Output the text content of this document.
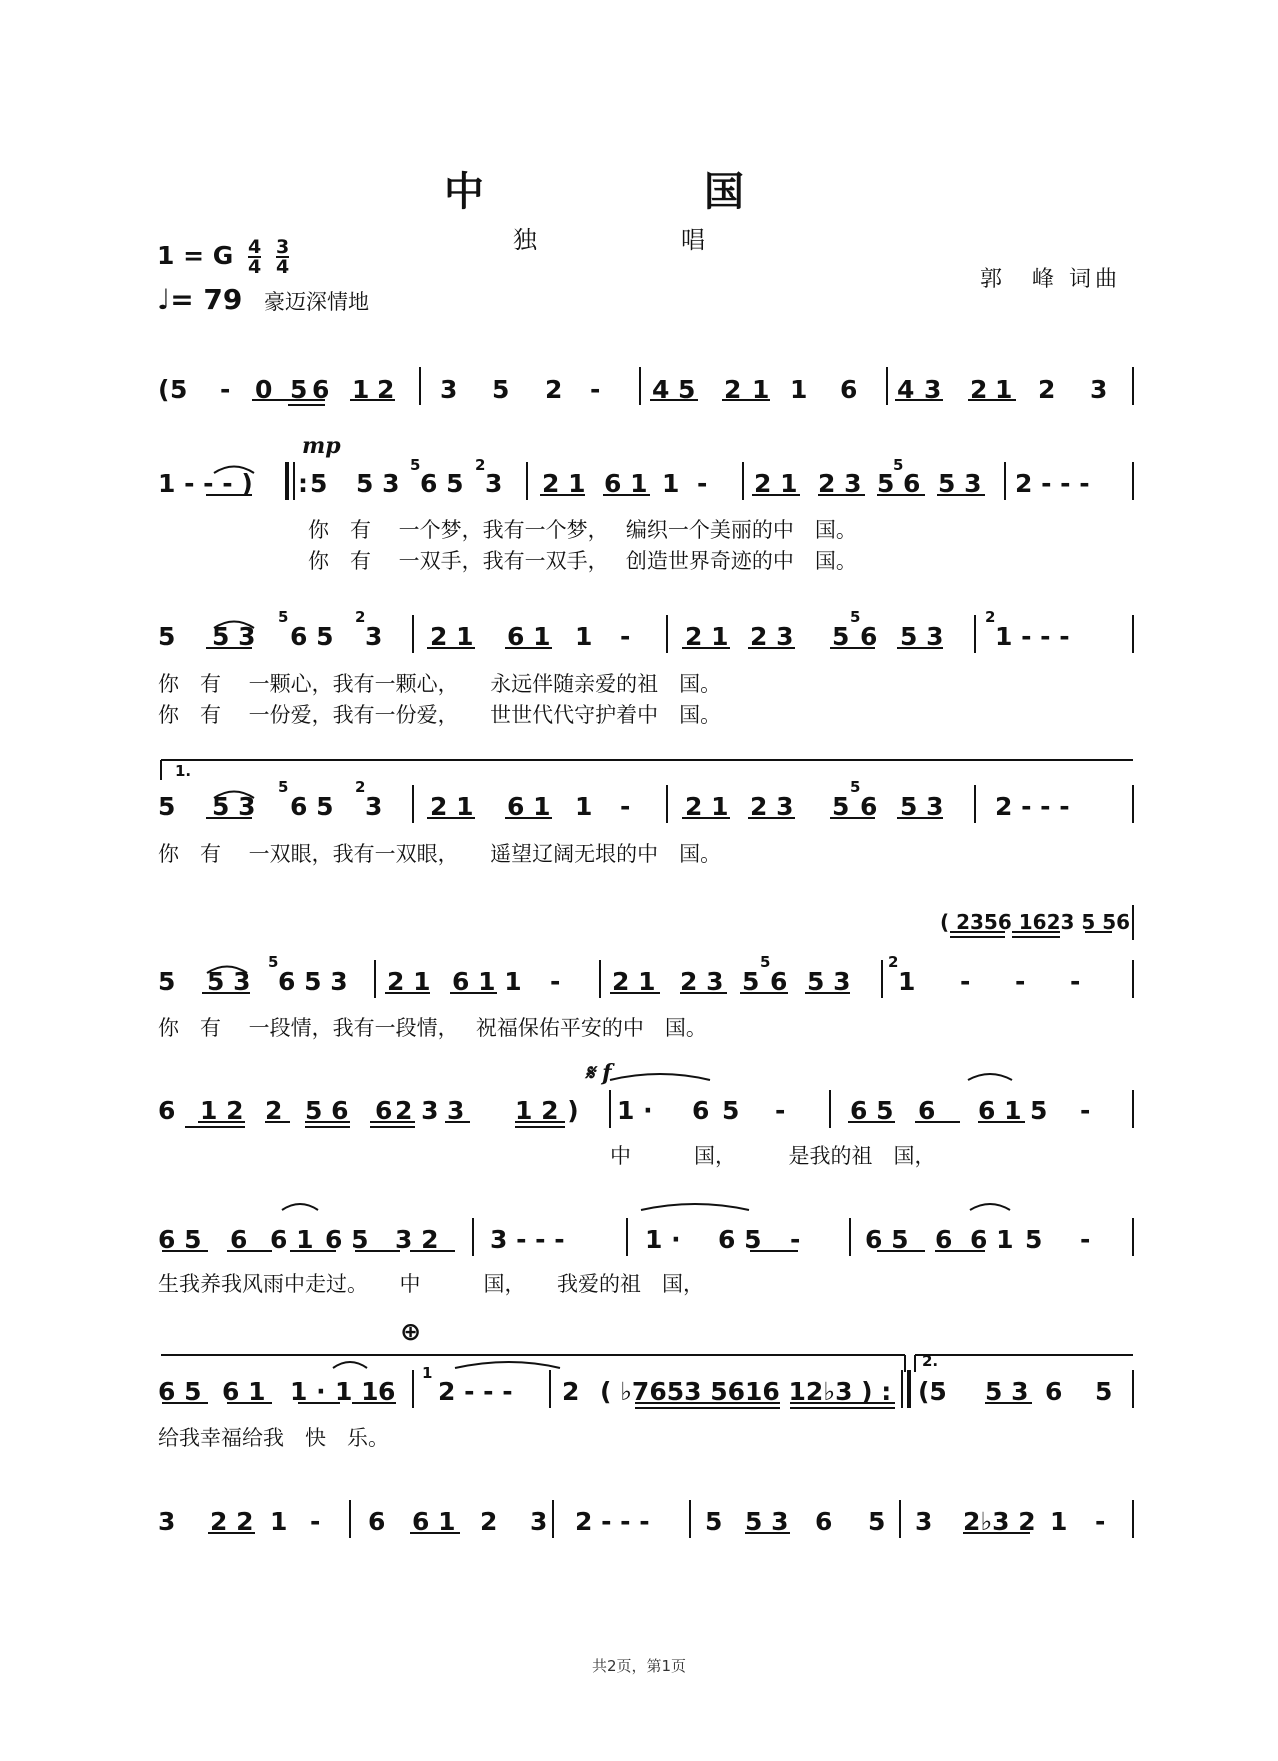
中　国
独　唱
1 = G $\frac{4}{4}$
$\frac{3}{4}$
♩= 79 豪迈深情地
郭　峰 词曲
( 5 - 0 5 6 1 2 3 5 2 - 4 5 2 1 1 6 4 3 2 1 2 3
mp
1 - - - ) : 5 5 3
5
6 5
2
3 2 1 6 1 1 - 2 1 2 3 5
5
6 5 3 2 - - -
5 5 3
5
6 5
2
3 2 1 6 1 1 - 2 1 2 3 5
5
6 5 3
2
1 - - -
1.
5 5 3
5
6 5
2
3 2 1 6 1 1 - 2 1 2 3 5
5
6 5 3 2 - - -
( 2356 1623 5 56
5 5 3
5
6 5 3 2 1 6 1 1 - 2 1 2 3 5
5
6 5 3
2
1 - - -
𝄋 f
6 1 2 2 5 6 6 2 3 3 1 2 ) 1 · 6 5 -	6 5 6 6 1 5 -
6 5 6 6 1 6 5 3 2 3 - - -	1 · 6 5 -	6 5 6 6 1 5 -
⊕
2.
6 5 6 1 1 · 1 1 6
1
2 - - - 2 ( ♭7653 5616 12♭3 ) : (5 5 3 6 5
3 2 2 1 - 6 6 1 2 3 2 - - - 5 5 3 6 5 3 2♭3 2 1 -
你　有　 一个梦，我有一个梦，　 编织一个美丽的中　国。
你　有　 一双手，我有一双手，　 创造世界奇迹的中　国。
你　有　 一颗心，我有一颗心，　　永远伴随亲爱的祖　国。
你　有　 一份爱，我有一份爱，　　世世代代守护着中　国。
你　有　 一双眼，我有一双眼，　　遥望辽阔无垠的中　国。
你　有　 一段情，我有一段情，　 祝福保佑平安的中　国。
中　　　国，　　　是我的祖　国，
生我养我风雨中走过。　　中　　　国，　　我爱的祖　国，
给我幸福给我　快　乐。
共2页，第1页
